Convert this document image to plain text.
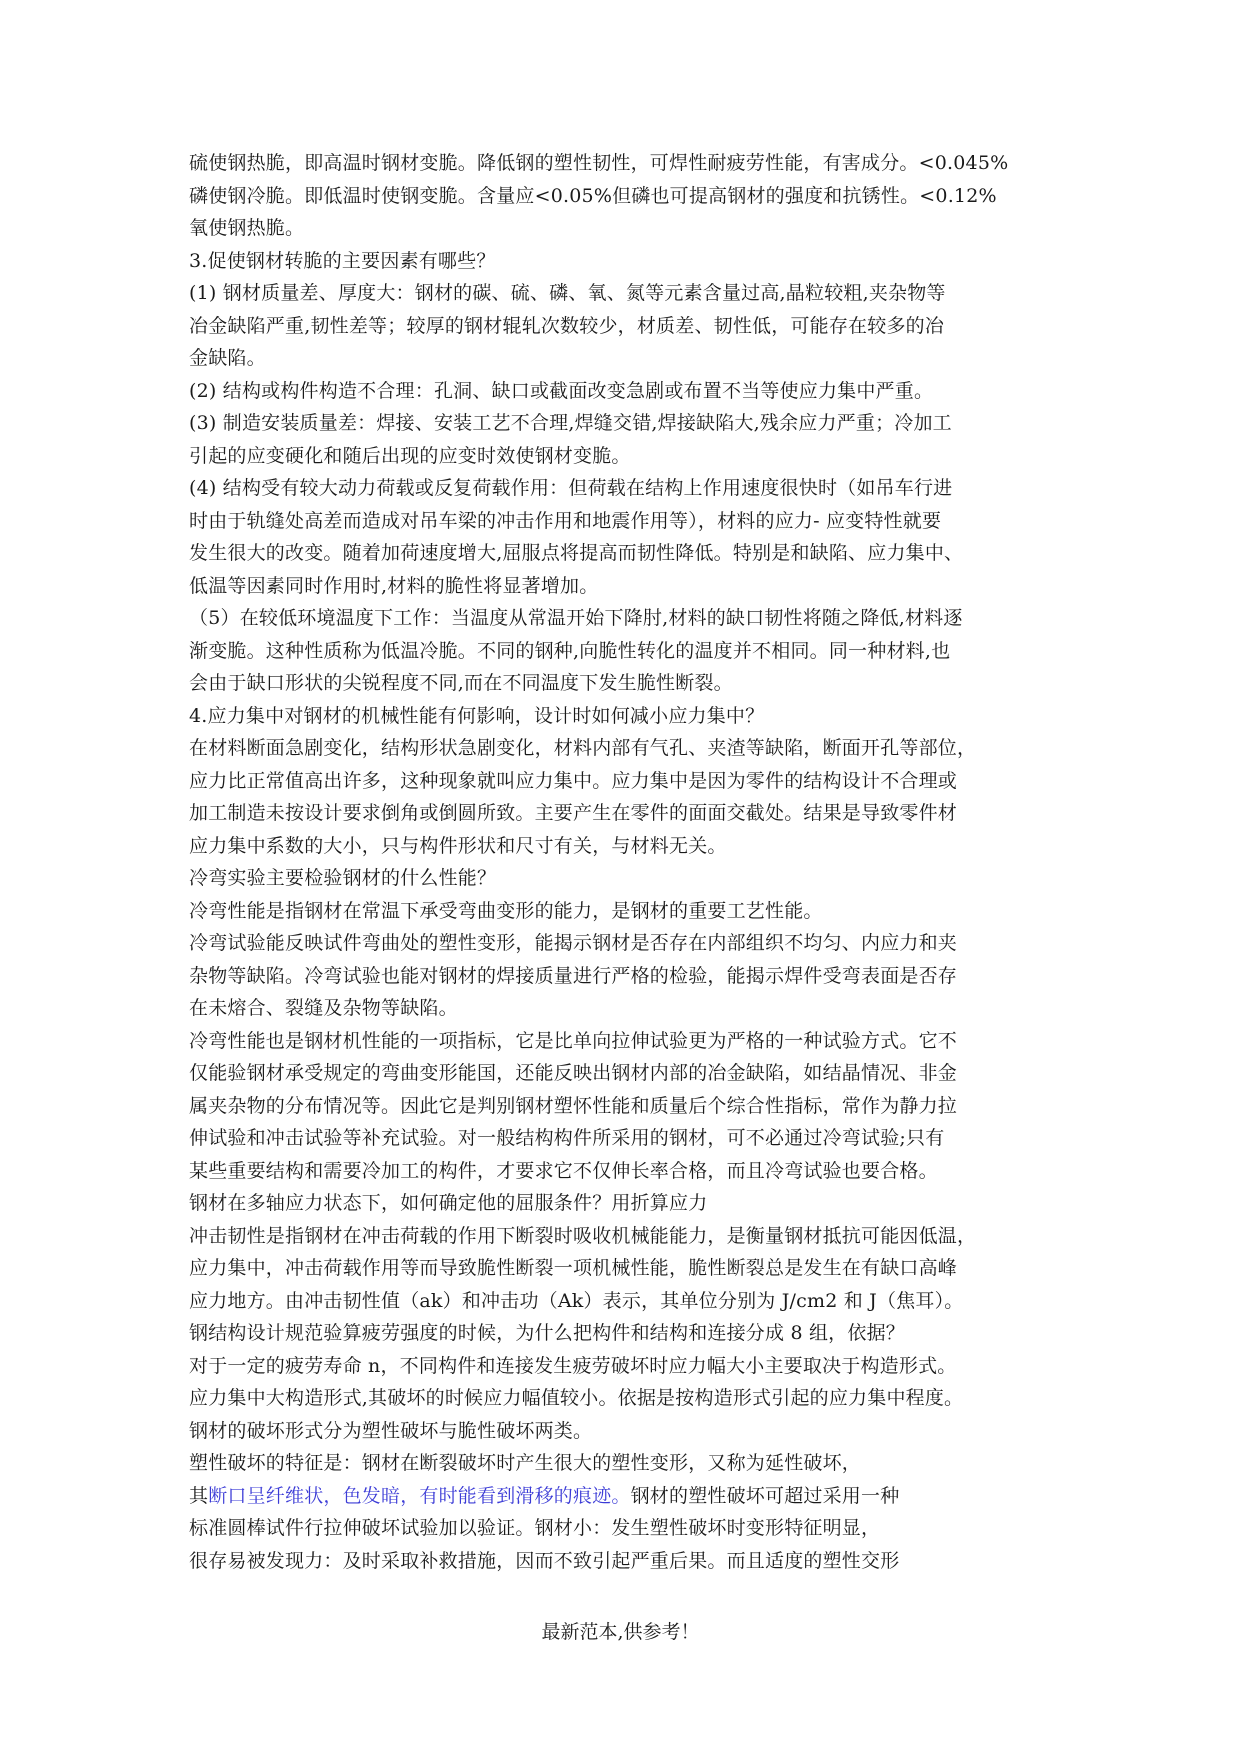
硫使钢热脆，即高温时钢材变脆。降低钢的塑性韧性，可焊性耐疲劳性能，有害成分。<0.045%
磷使钢冷脆。即低温时使钢变脆。含量应<0.05%但磷也可提高钢材的强度和抗锈性。<0.12%
氧使钢热脆。
3.促使钢材转脆的主要因素有哪些？
(1) 钢材质量差、厚度大：钢材的碳、硫、磷、氧、氮等元素含量过高,晶粒较粗,夹杂物等
冶金缺陷严重,韧性差等；较厚的钢材辊轧次数较少，材质差、韧性低，可能存在较多的冶
金缺陷。
(2) 结构或构件构造不合理：孔洞、缺口或截面改变急剧或布置不当等使应力集中严重。
(3) 制造安装质量差：焊接、安装工艺不合理,焊缝交错,焊接缺陷大,残余应力严重；冷加工
引起的应变硬化和随后出现的应变时效使钢材变脆。
(4) 结构受有较大动力荷载或反复荷载作用：但荷载在结构上作用速度很快时（如吊车行进
时由于轨缝处高差而造成对吊车梁的冲击作用和地震作用等），材料的应力- 应变特性就要
发生很大的改变。随着加荷速度增大,屈服点将提高而韧性降低。特别是和缺陷、应力集中、
低温等因素同时作用时,材料的脆性将显著增加。
（5）在较低环境温度下工作：当温度从常温开始下降肘,材料的缺口韧性将随之降低,材料逐
渐变脆。这种性质称为低温冷脆。不同的钢种,向脆性转化的温度并不相同。同一种材料,也
会由于缺口形状的尖锐程度不同,而在不同温度下发生脆性断裂。
4.应力集中对钢材的机械性能有何影响，设计时如何减小应力集中？
在材料断面急剧变化，结构形状急剧变化，材料内部有气孔、夹渣等缺陷，断面开孔等部位，
应力比正常值高出许多，这种现象就叫应力集中。应力集中是因为零件的结构设计不合理或
加工制造未按设计要求倒角或倒圆所致。主要产生在零件的面面交截处。结果是导致零件材
应力集中系数的大小，只与构件形状和尺寸有关，与材料无关。
冷弯实验主要检验钢材的什么性能？
冷弯性能是指钢材在常温下承受弯曲变形的能力，是钢材的重要工艺性能。
冷弯试验能反映试件弯曲处的塑性变形，能揭示钢材是否存在内部组织不均匀、内应力和夹
杂物等缺陷。冷弯试验也能对钢材的焊接质量进行严格的检验，能揭示焊件受弯表面是否存
在未熔合、裂缝及杂物等缺陷。
冷弯性能也是钢材机性能的一项指标，它是比单向拉伸试验更为严格的一种试验方式。它不
仅能验钢材承受规定的弯曲变形能国，还能反映出钢材内部的冶金缺陷，如结晶情况、非金
属夹杂物的分布情况等。因此它是判别钢材塑怀性能和质量后个综合性指标，常作为静力拉
伸试验和冲击试验等补充试验。对一般结构构件所采用的钢材，可不必通过冷弯试验;只有
某些重要结构和需要冷加工的构件，才要求它不仅伸长率合格，而且冷弯试验也要合格。
钢材在多轴应力状态下，如何确定他的屈服条件？用折算应力
冲击韧性是指钢材在冲击荷载的作用下断裂时吸收机械能能力，是衡量钢材抵抗可能因低温，
应力集中，冲击荷载作用等而导致脆性断裂一项机械性能，脆性断裂总是发生在有缺口高峰
应力地方。由冲击韧性值（ak）和冲击功（Ak）表示，其单位分别为 J/cm2 和 J（焦耳）。
钢结构设计规范验算疲劳强度的时候，为什么把构件和结构和连接分成 8 组，依据？
对于一定的疲劳寿命 n，不同构件和连接发生疲劳破坏时应力幅大小主要取决于构造形式。
应力集中大构造形式,其破坏的时候应力幅值较小。依据是按构造形式引起的应力集中程度。
钢材的破坏形式分为塑性破坏与脆性破坏两类。
塑性破坏的特征是：钢材在断裂破坏时产生很大的塑性变形，又称为延性破坏，
其断口呈纤维状，色发暗，有时能看到滑移的痕迹。钢材的塑性破坏可超过采用一种
标准圆棒试件行拉伸破坏试验加以验证。钢材小：发生塑性破坏时变形特征明显，
很存易被发现力：及时采取补救措施，因而不致引起严重后果。而且适度的塑性交形
最新范本,供参考！
